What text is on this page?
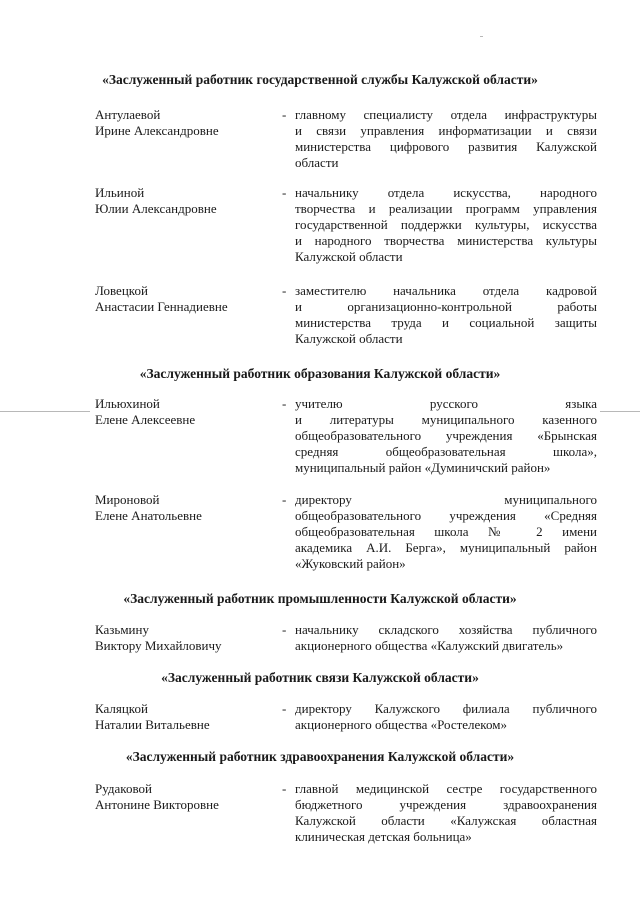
«Заслуженный работник государственной службы Калужской области»
Антулаевой
Ирине Александровне
- главному специалисту отдела инфраструктуры
и связи управления информатизации и связи
министерства цифрового развития Калужской
области
Ильиной
Юлии Александровне
- начальнику отдела искусства, народного
творчества и реализации программ управления
государственной поддержки культуры, искусства
и народного творчества министерства культуры
Калужской области
Ловецкой
Анастасии Геннадиевне
- заместителю начальника отдела кадровой
и организационно-контрольной работы
министерства труда и социальной защиты
Калужской области
«Заслуженный работник образования Калужской области»
Ильюхиной
Елене Алексеевне
- учителю русского языка
и литературы муниципального казенного
общеобразовательного учреждения «Брынская
средняя общеобразовательная школа»,
муниципальный район «Думиничский район»
Мироновой
Елене Анатольевне
- директору муниципального
общеобразовательного учреждения «Средняя
общеобразовательная школа № 2 имени
академика А.И. Берга», муниципальный район
«Жуковский район»
«Заслуженный работник промышленности Калужской области»
Казьмину
Виктору Михайловичу
- начальнику складского хозяйства публичного
акционерного общества «Калужский двигатель»
«Заслуженный работник связи Калужской области»
Каляцкой
Наталии Витальевне
- директору Калужского филиала публичного
акционерного общества «Ростелеком»
«Заслуженный работник здравоохранения Калужской области»
Рудаковой
Антонине Викторовне
- главной медицинской сестре государственного
бюджетного учреждения здравоохранения
Калужской области «Калужская областная
клиническая детская больница»
